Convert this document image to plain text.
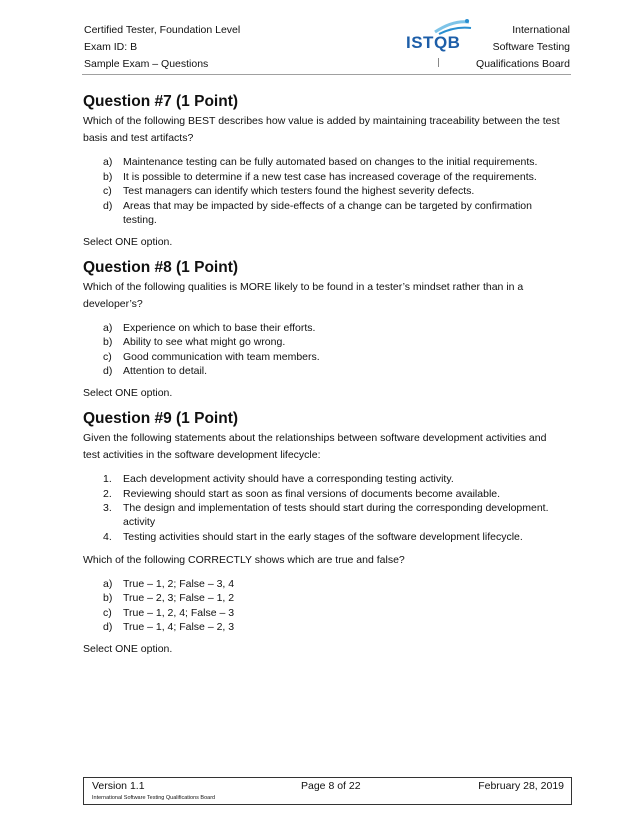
Certified Tester, Foundation Level
Exam ID: B
Sample Exam – Questions
ISTQB
International
Software Testing
Qualifications Board

Question #7 (1 Point)

Which of the following BEST describes how value is added by maintaining traceability between the test basis and test artifacts?

a)	Maintenance testing can be fully automated based on changes to the initial requirements.
b)	It is possible to determine if a new test case has increased coverage of the requirements.
c)	Test managers can identify which testers found the highest severity defects.
d)	Areas that may be impacted by side-effects of a change can be targeted by confirmation testing.

Select ONE option.

Question #8 (1 Point)

Which of the following qualities is MORE likely to be found in a tester’s mindset rather than in a developer’s?

a)	Experience on which to base their efforts.
b)	Ability to see what might go wrong.
c)	Good communication with team members.
d)	Attention to detail.

Select ONE option.

Question #9 (1 Point)

Given the following statements about the relationships between software development activities and test activities in the software development lifecycle:

1.	Each development activity should have a corresponding testing activity.
2.	Reviewing should start as soon as final versions of documents become available.
3.	The design and implementation of tests should start during the corresponding development. activity
4.	Testing activities should start in the early stages of the software development lifecycle.

Which of the following CORRECTLY shows which are true and false?

a)	True – 1, 2; False – 3, 4
b)	True – 2, 3; False – 1, 2
c)	True – 1, 2, 4; False – 3
d)	True – 1, 4; False – 2, 3

Select ONE option.

Version 1.1	Page 8 of 22	February 28, 2019
International Software Testing Qualifications Board
